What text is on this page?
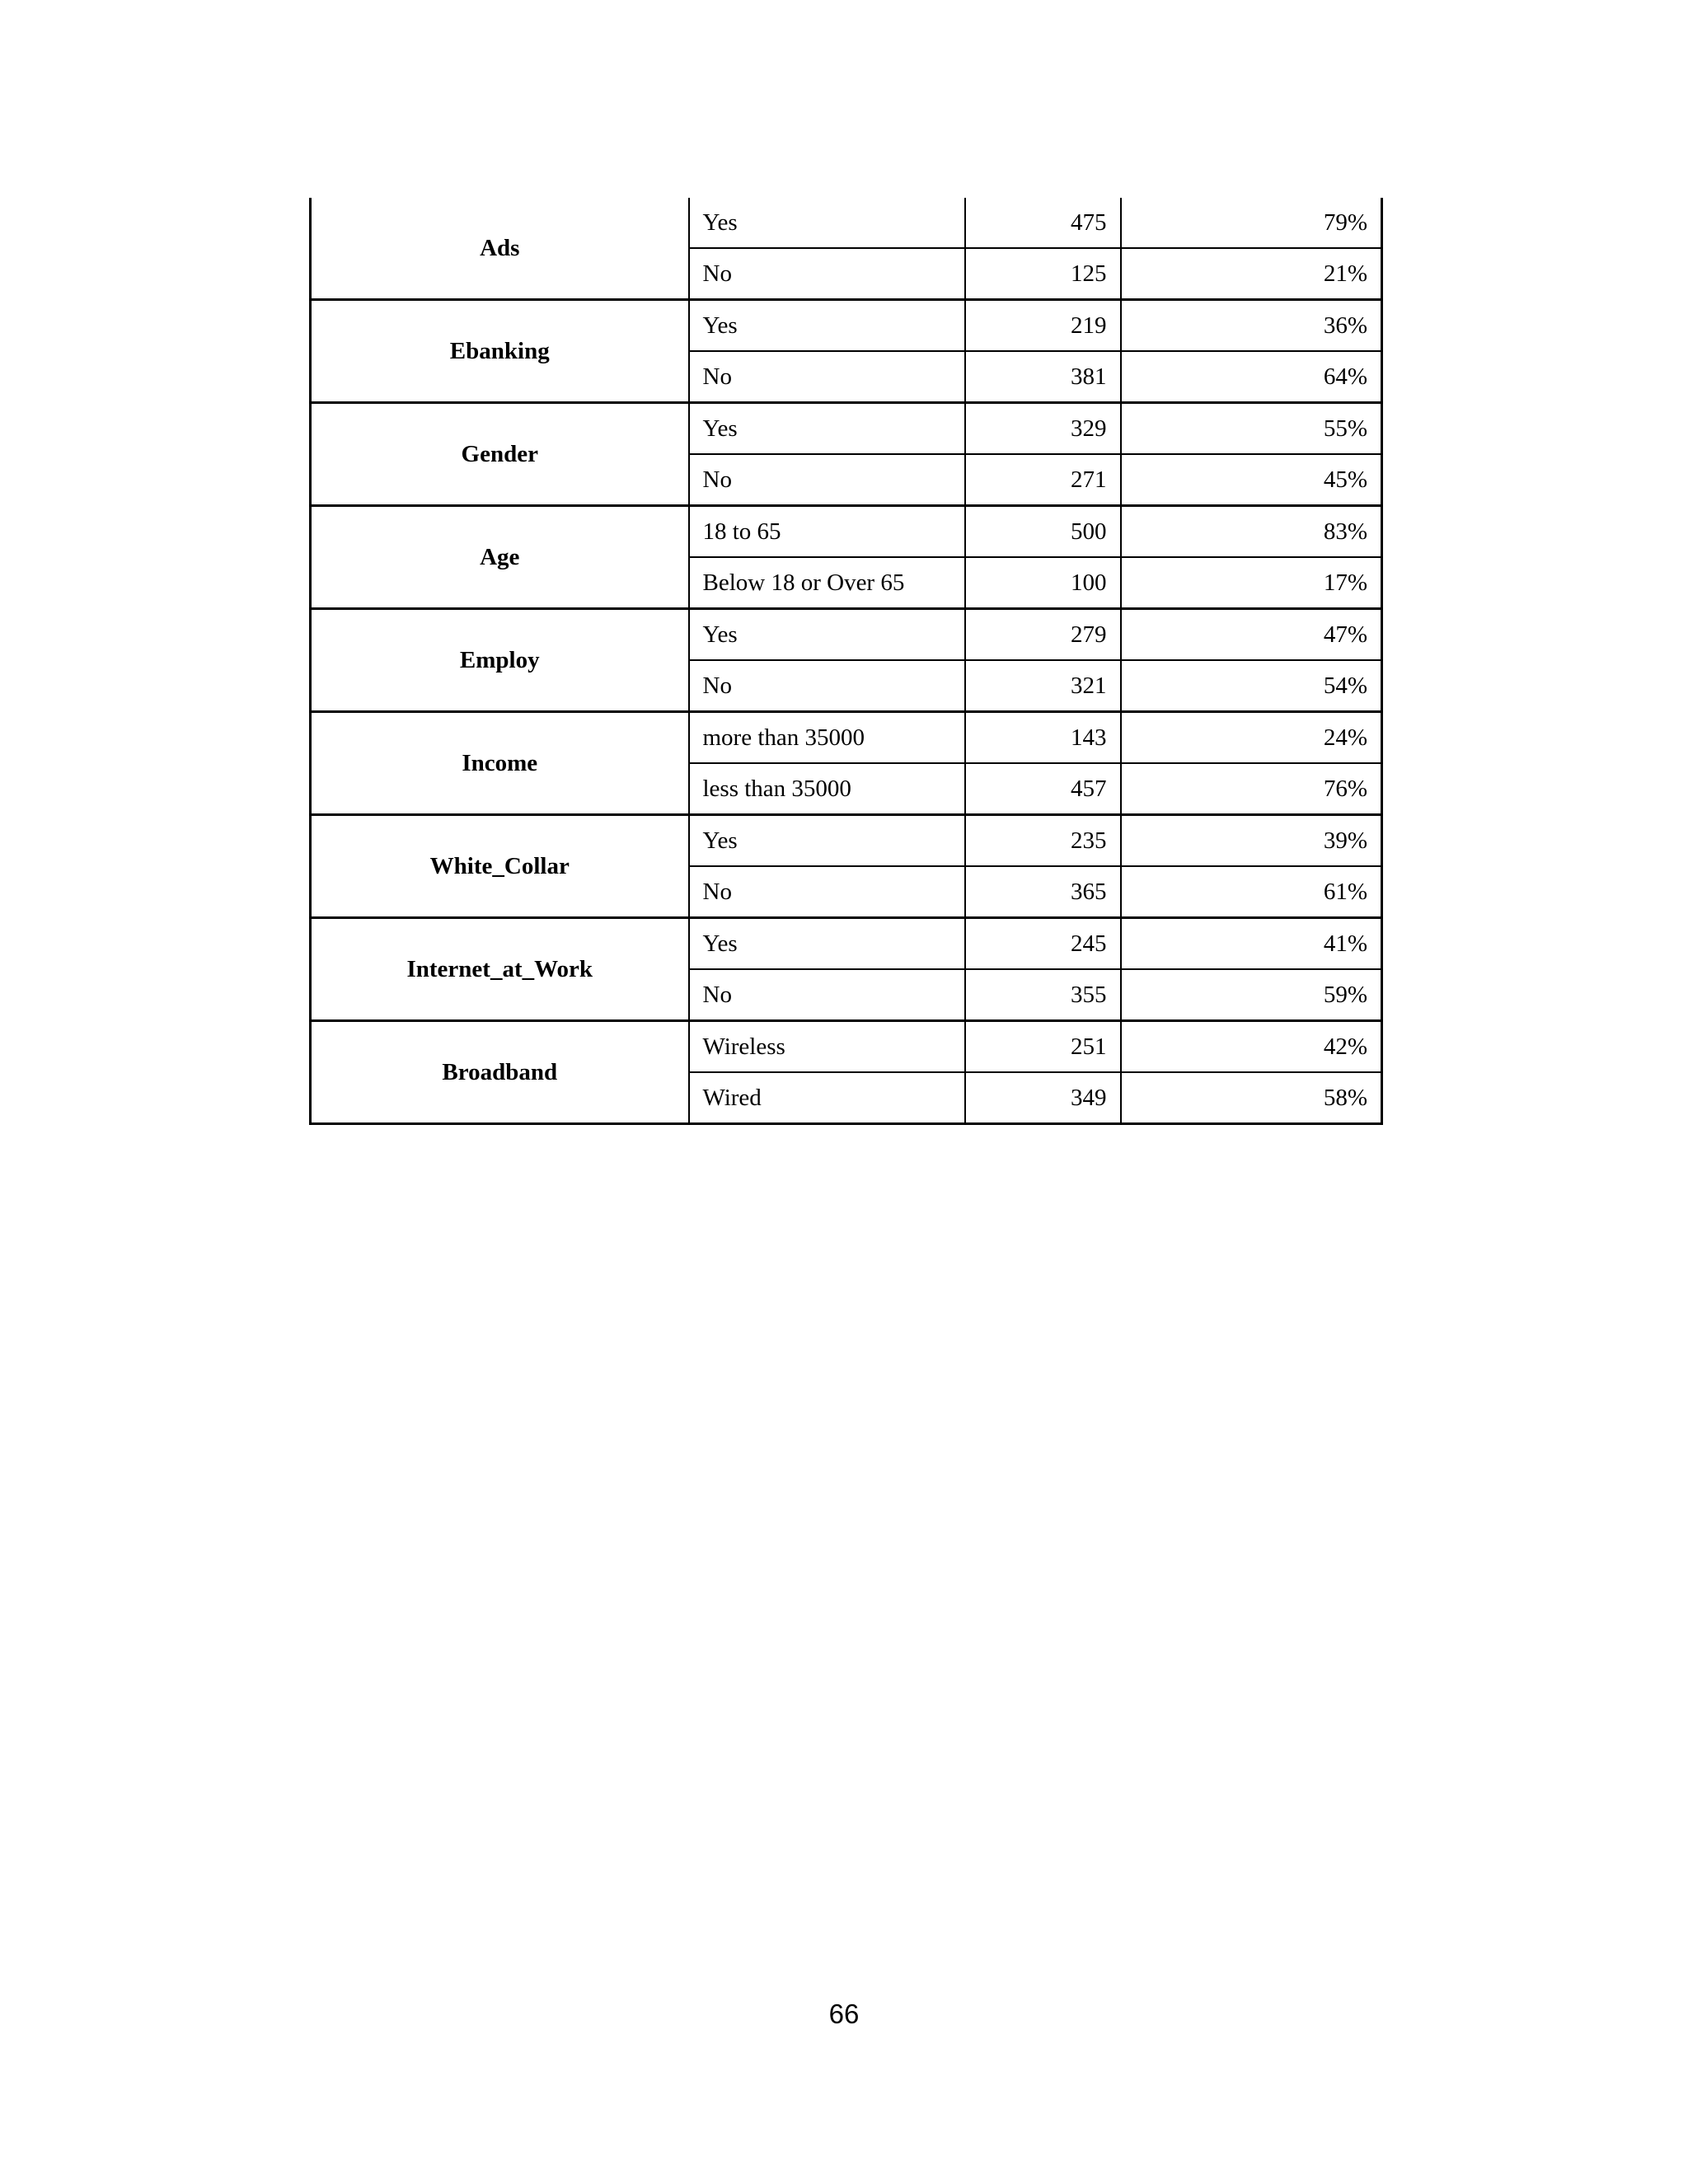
Ads	Yes	475	79%
	No	125	21%
Ebanking	Yes	219	36%
	No	381	64%
Gender	Yes	329	55%
	No	271	45%
Age	18 to 65	500	83%
	Below 18 or Over 65	100	17%
Employ	Yes	279	47%
	No	321	54%
Income	more than 35000	143	24%
	less than 35000	457	76%
White_Collar	Yes	235	39%
	No	365	61%
Internet_at_Work	Yes	245	41%
	No	355	59%
Broadband	Wireless	251	42%
	Wired	349	58%
66
